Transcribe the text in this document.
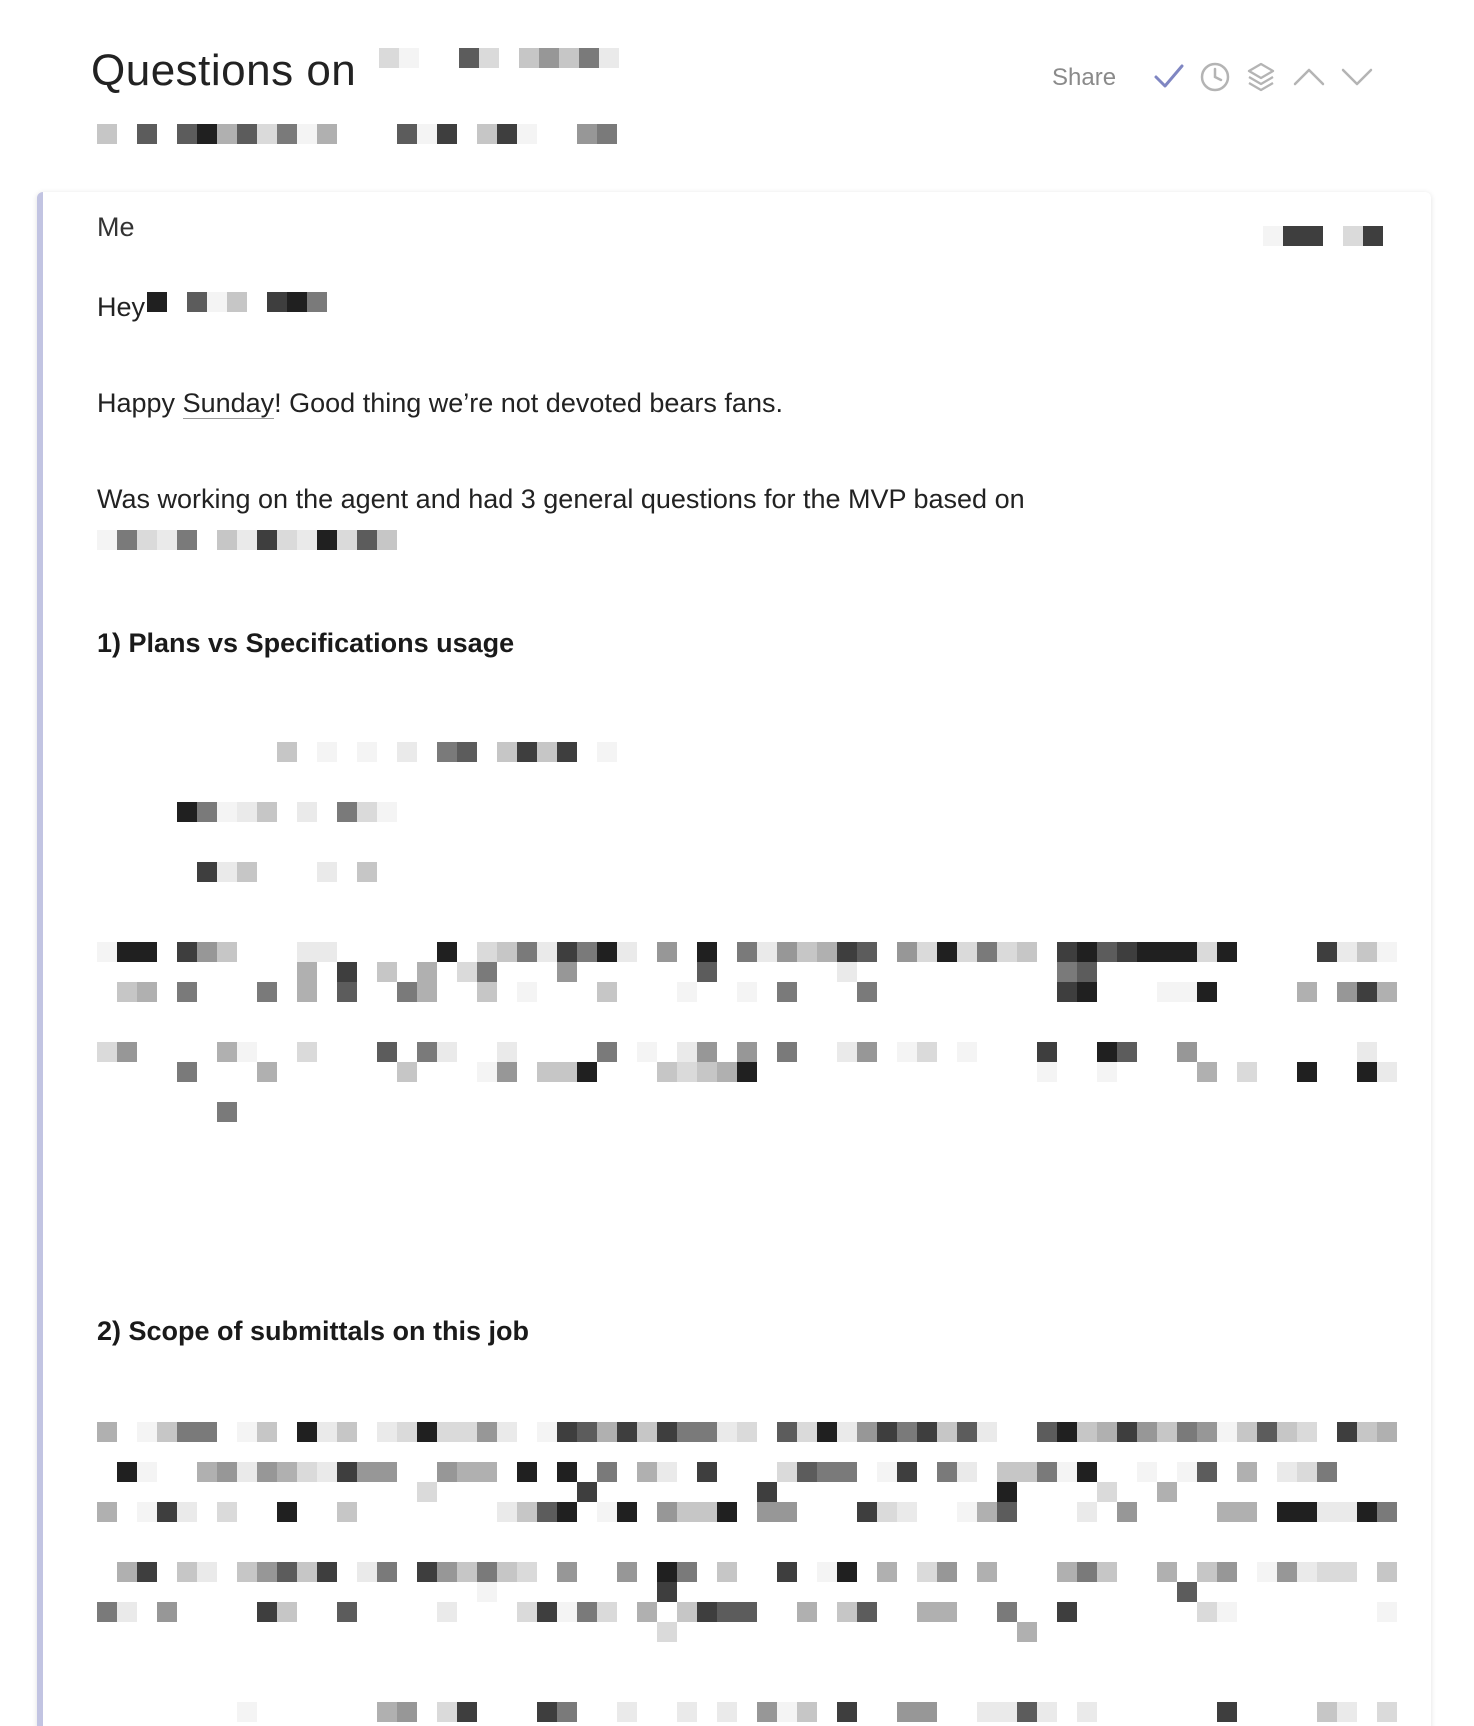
Questions on	Share
Me
Hey
Happy Sunday! Good thing we’re not devoted bears fans.
Was working on the agent and had 3 general questions for the MVP based on
1) Plans vs Specifications usage
2) Scope of submittals on this job
